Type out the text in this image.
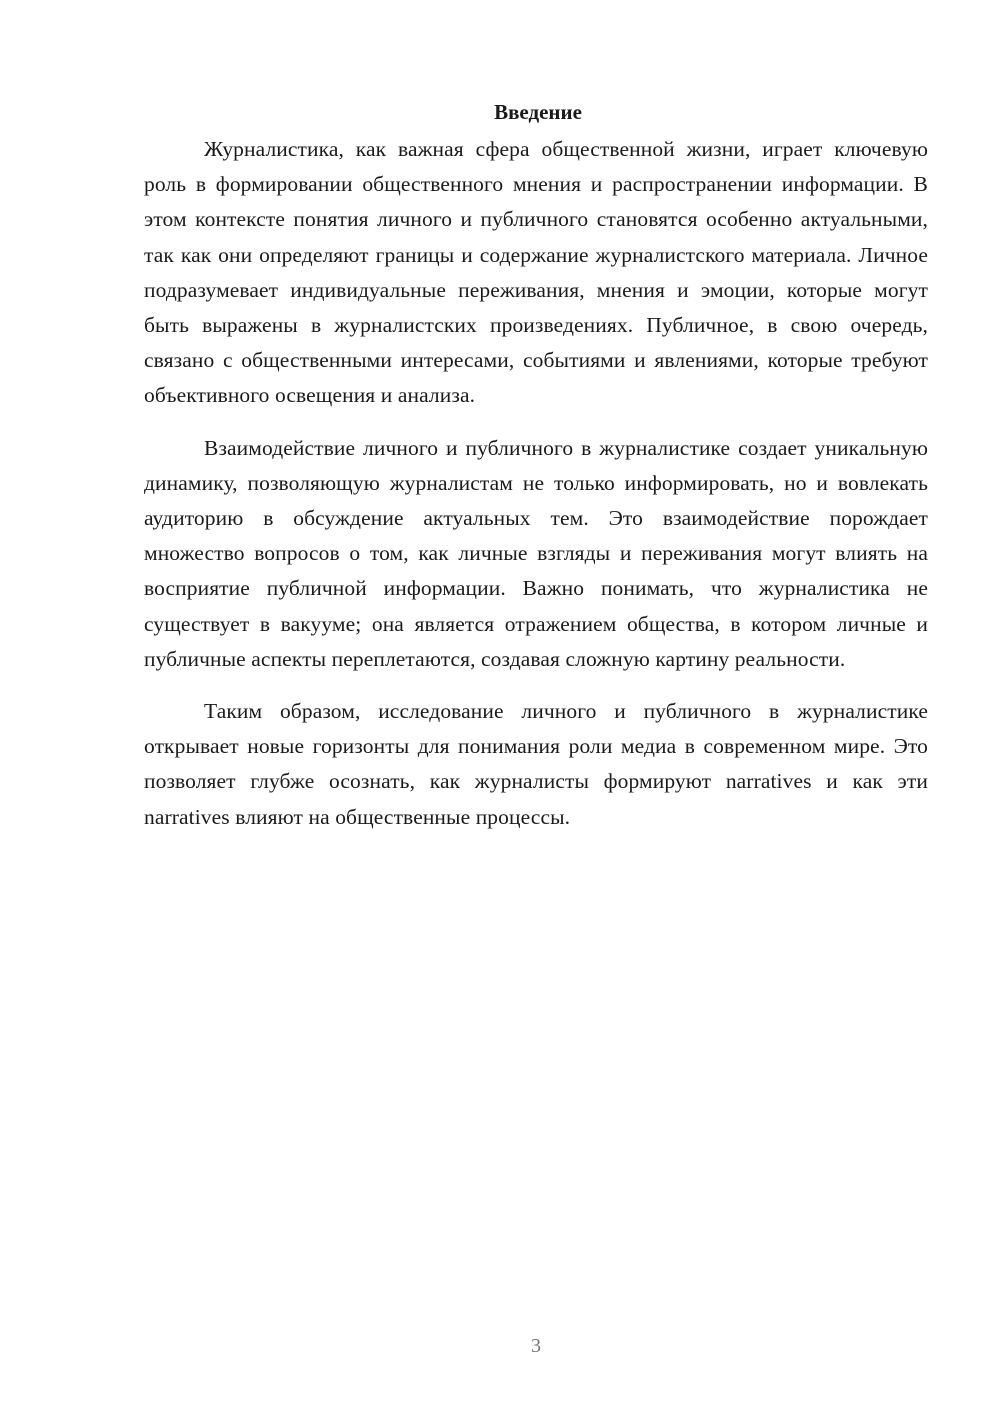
Введение

Журналистика, как важная сфера общественной жизни, играет ключевую роль в формировании общественного мнения и распространении информации. В этом контексте понятия личного и публичного становятся особенно актуальными, так как они определяют границы и содержание журналистского материала. Личное подразумевает индивидуальные переживания, мнения и эмоции, которые могут быть выражены в журналистских произведениях. Публичное, в свою очередь, связано с общественными интересами, событиями и явлениями, которые требуют объективного освещения и анализа.

Взаимодействие личного и публичного в журналистике создает уникальную динамику, позволяющую журналистам не только информировать, но и вовлекать аудиторию в обсуждение актуальных тем. Это взаимодействие порождает множество вопросов о том, как личные взгляды и переживания могут влиять на восприятие публичной информации. Важно понимать, что журналистика не существует в вакууме; она является отражением общества, в котором личные и публичные аспекты переплетаются, создавая сложную картину реальности.

Таким образом, исследование личного и публичного в журналистике открывает новые горизонты для понимания роли медиа в современном мире. Это позволяет глубже осознать, как журналисты формируют narratives и как эти narratives влияют на общественные процессы.

3
